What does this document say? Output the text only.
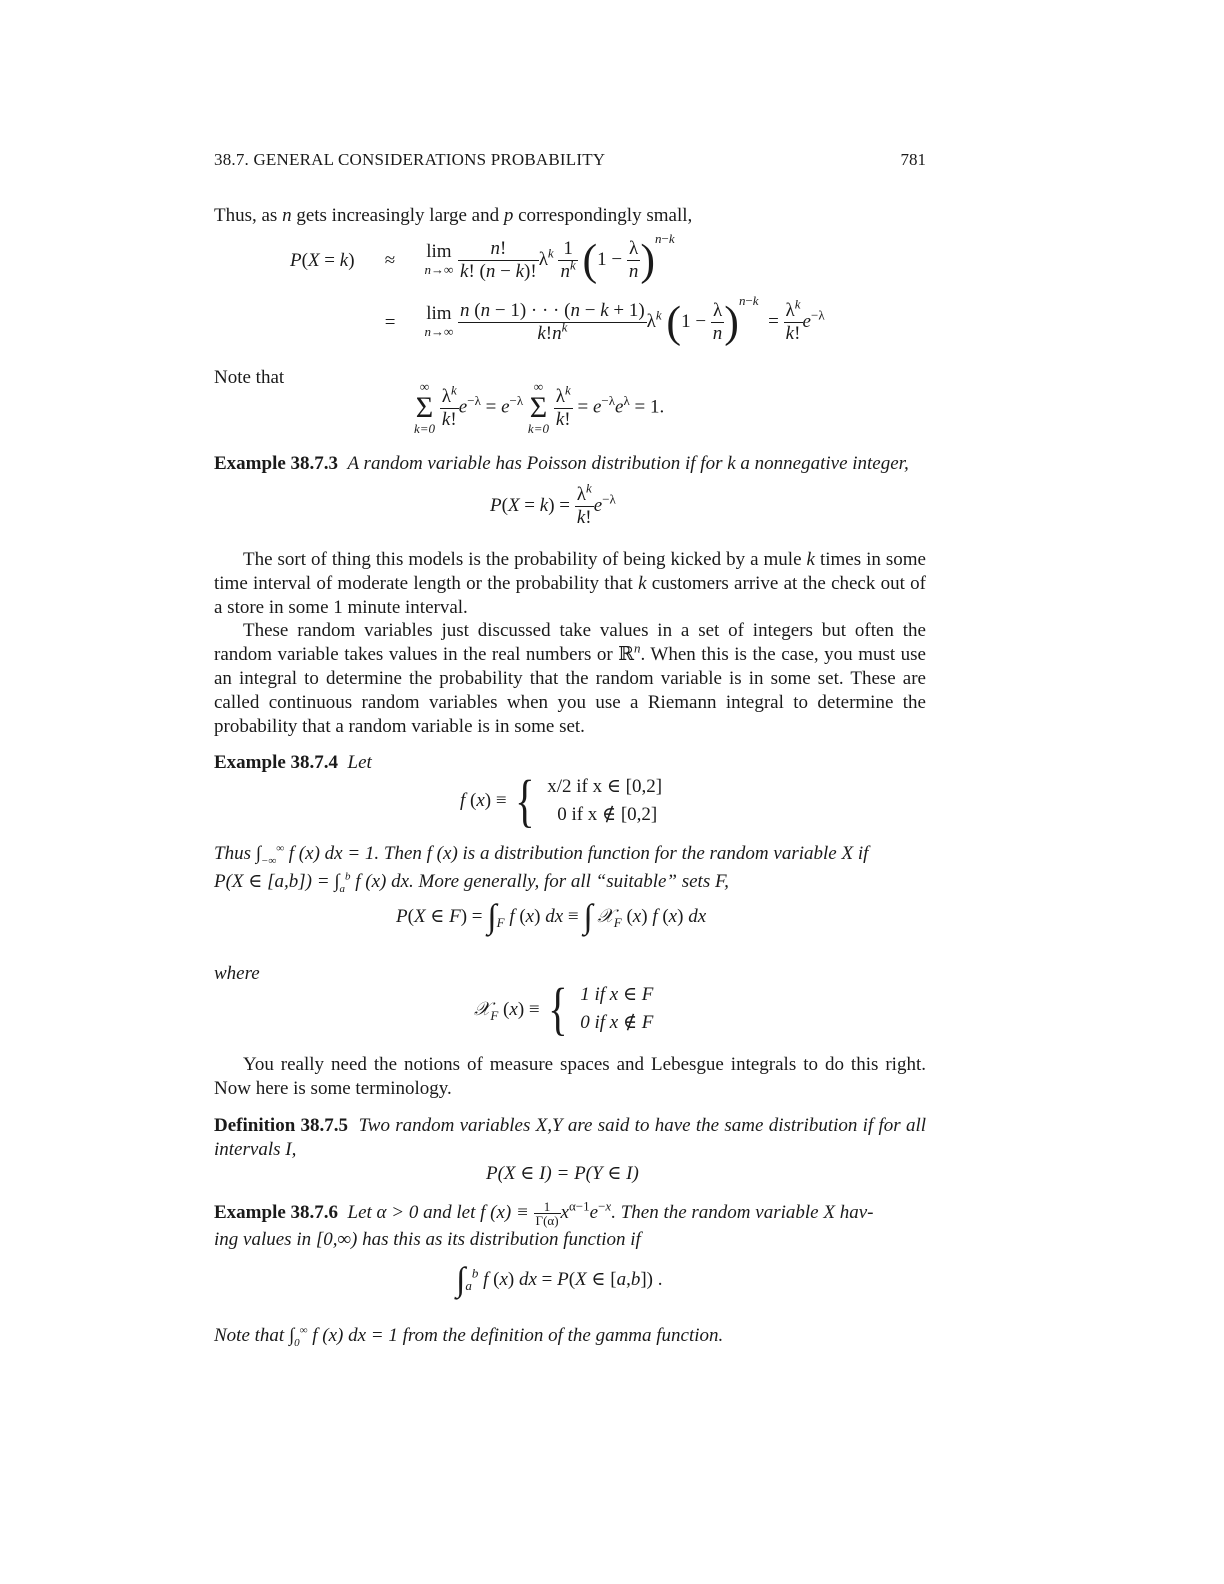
38.7. GENERAL CONSIDERATIONS PROBABILITY	781
Thus, as n gets increasingly large and p correspondingly small,
P(X = k) ≈ lim
n→∞
$\frac{n!}{k! (n - k)!} \lambda^k \frac{1}{n^k} (1 - \frac{\lambda}{n} )^{n-k}$
= lim
n→∞
$\frac{n (n - 1) \cdot \cdot \cdot (n - k + 1)}{k!n^k} \lambda^k$ $(1 - \frac{\lambda}{n} )^{n-k} = \frac{\lambda^k}{k!} e^{-\lambda}$
Note that	∞
Σ
k=0
$\frac{\lambda^k}{k!} e^{-\lambda} = e^{-\lambda}$
∞
Σ
k=0
$\frac{\lambda^k}{k!} = e^{-\lambda}e^\lambda = 1$.
Example 38.7.3 A random variable has Poisson distribution if for k a nonnegative integer,
$P(X = k) = \frac{\lambda^k}{k!} e^{-\lambda}$
The sort of thing this models is the probability of being kicked by a mule k times in some time interval of moderate length or the probability that k customers arrive at the check out of a store in some 1 minute interval.
These random variables just discussed take values in a set of integers but often the random variable takes values in the real numbers or ℝ$^n$. When this is the case, you must use an integral to determine the probability that the random variable is in some set. These are called continuous random variables when you use a Riemann integral to determine the probability that a random variable is in some set.
Example 38.7.4 Let
f (x) ≡ { x/2 if x ∈ [0,2]
0 if x ∉ [0,2]
Thus $\int_{-\infty}^\infty$ f (x) dx = 1. Then f (x) is a distribution function for the random variable X if
P(X ∈ $[a,b]) = \int_a^b$ f (x) dx. More generally, for all “suitable” sets F,
P(X ∈ $F) = \int_F$ f (x) dx ≡ ∫ 𝒳$_F$ (x) f (x) dx
where
𝒳$_F$ (x) ≡ { 1 if x ∈ F
0 if x ∉ F
You really need the notions of measure spaces and Lebesgue integrals to do this right. Now here is some terminology.
Definition 38.7.5 Two random variables X,Y are said to have the same distribution if for all intervals I,
P(X ∈ I) = P(Y ∈ I)
Example 38.7.6 Let α > 0 and let f $(x) \equiv \frac{1}{\Gamma(\alpha)} x^{\alpha-1}e^{-x}$. Then the random variable X hav-
ing values in [0,∞) has this as its distribution function if
$\int_a^b$ f (x) dx = P(X ∈ [a,b]) .
Note that $\int_0^\infty$ f (x) dx = 1 from the definition of the gamma function.
